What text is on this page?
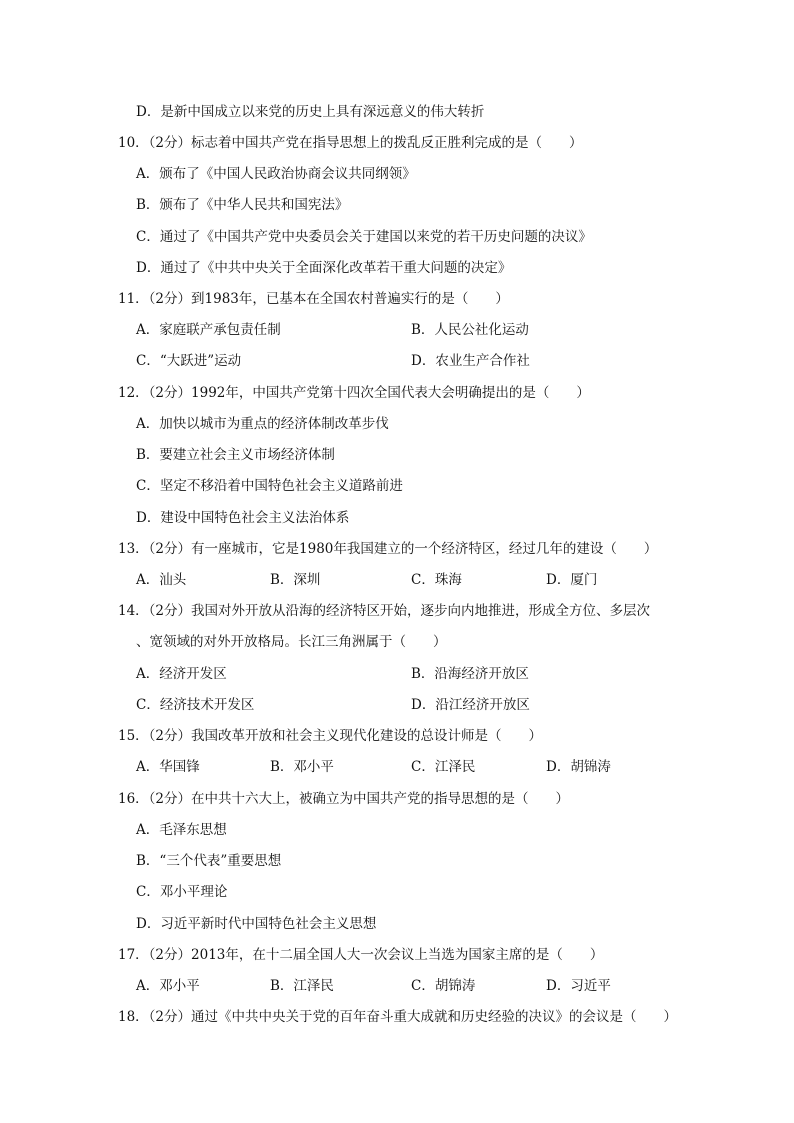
D．是新中国成立以来党的历史上具有深远意义的伟大转折
10．（2分）标志着中国共产党在指导思想上的拨乱反正胜利完成的是（　　）
A．颁布了《中国人民政治协商会议共同纲领》
B．颁布了《中华人民共和国宪法》
C．通过了《中国共产党中央委员会关于建国以来党的若干历史问题的决议》
D．通过了《中共中央关于全面深化改革若干重大问题的决定》
11．（2分）到1983年，已基本在全国农村普遍实行的是（　　）
A．家庭联产承包责任制	B．人民公社化运动
C．“大跃进”运动	D．农业生产合作社
12．（2分）1992年，中国共产党第十四次全国代表大会明确提出的是（　　）
A．加快以城市为重点的经济体制改革步伐
B．要建立社会主义市场经济体制
C．坚定不移沿着中国特色社会主义道路前进
D．建设中国特色社会主义法治体系
13．（2分）有一座城市，它是1980年我国建立的一个经济特区，经过几年的建设（　　）
A．汕头	B．深圳	C．珠海	D．厦门
14．（2分）我国对外开放从沿海的经济特区开始，逐步向内地推进，形成全方位、多层次
、宽领域的对外开放格局。长江三角洲属于（　　）
A．经济开发区	B．沿海经济开放区
C．经济技术开发区	D．沿江经济开放区
15．（2分）我国改革开放和社会主义现代化建设的总设计师是（　　）
A．华国锋	B．邓小平	C．江泽民	D．胡锦涛
16．（2分）在中共十六大上，被确立为中国共产党的指导思想的是（　　）
A．毛泽东思想
B．“三个代表”重要思想
C．邓小平理论
D．习近平新时代中国特色社会主义思想
17．（2分）2013年，在十二届全国人大一次会议上当选为国家主席的是（　　）
A．邓小平	B．江泽民	C．胡锦涛	D．习近平
18．（2分）通过《中共中央关于党的百年奋斗重大成就和历史经验的决议》的会议是（　　）
